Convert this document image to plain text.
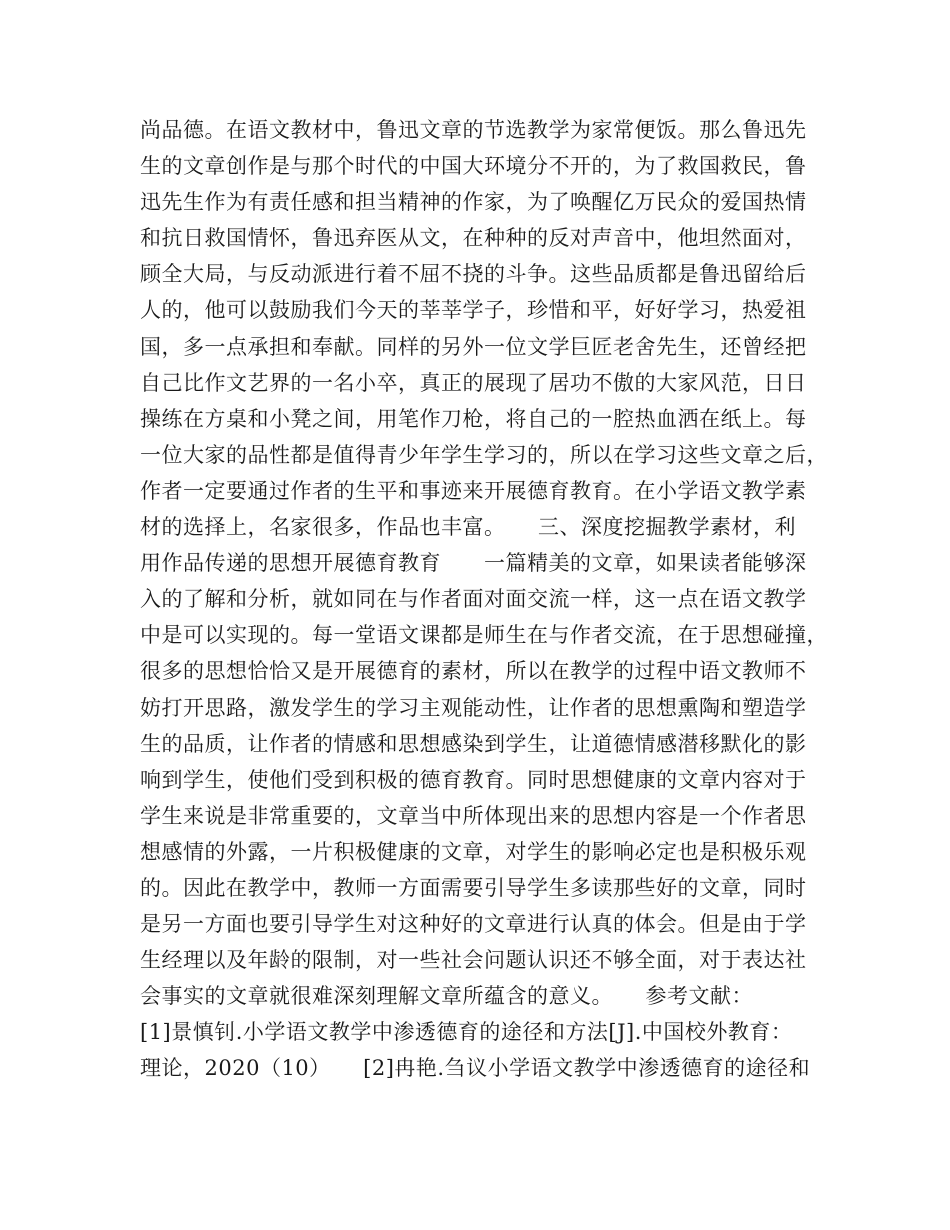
尚品德。在语文教材中，鲁迅文章的节选教学为家常便饭。那么鲁迅先
生的文章创作是与那个时代的中国大环境分不开的，为了救国救民，鲁
迅先生作为有责任感和担当精神的作家，为了唤醒亿万民众的爱国热情
和抗日救国情怀，鲁迅弃医从文，在种种的反对声音中，他坦然面对，
顾全大局，与反动派进行着不屈不挠的斗争。这些品质都是鲁迅留给后
人的，他可以鼓励我们今天的莘莘学子，珍惜和平，好好学习，热爱祖
国，多一点承担和奉献。同样的另外一位文学巨匠老舍先生，还曾经把
自己比作文艺界的一名小卒，真正的展现了居功不傲的大家风范，日日
操练在方桌和小凳之间，用笔作刀枪，将自己的一腔热血洒在纸上。每
一位大家的品性都是值得青少年学生学习的，所以在学习这些文章之后，
作者一定要通过作者的生平和事迹来开展德育教育。在小学语文教学素
材的选择上，名家很多，作品也丰富。　　三、深度挖掘教学素材，利
用作品传递的思想开展德育教育　　一篇精美的文章，如果读者能够深
入的了解和分析，就如同在与作者面对面交流一样，这一点在语文教学
中是可以实现的。每一堂语文课都是师生在与作者交流，在于思想碰撞，
很多的思想恰恰又是开展德育的素材，所以在教学的过程中语文教师不
妨打开思路，激发学生的学习主观能动性，让作者的思想熏陶和塑造学
生的品质，让作者的情感和思想感染到学生，让道德情感潜移默化的影
响到学生，使他们受到积极的德育教育。同时思想健康的文章内容对于
学生来说是非常重要的，文章当中所体现出来的思想内容是一个作者思
想感情的外露，一片积极健康的文章，对学生的影响必定也是积极乐观
的。因此在教学中，教师一方面需要引导学生多读那些好的文章，同时
是另一方面也要引导学生对这种好的文章进行认真的体会。但是由于学
生经理以及年龄的限制，对一些社会问题认识还不够全面，对于表达社
会事实的文章就很难深刻理解文章所蕴含的意义。　　参考文献：
[1]景慎钊.小学语文教学中渗透德育的途径和方法[J].中国校外教育：
理论，2020（10）　　[2]冉艳.刍议小学语文教学中渗透德育的途径和
